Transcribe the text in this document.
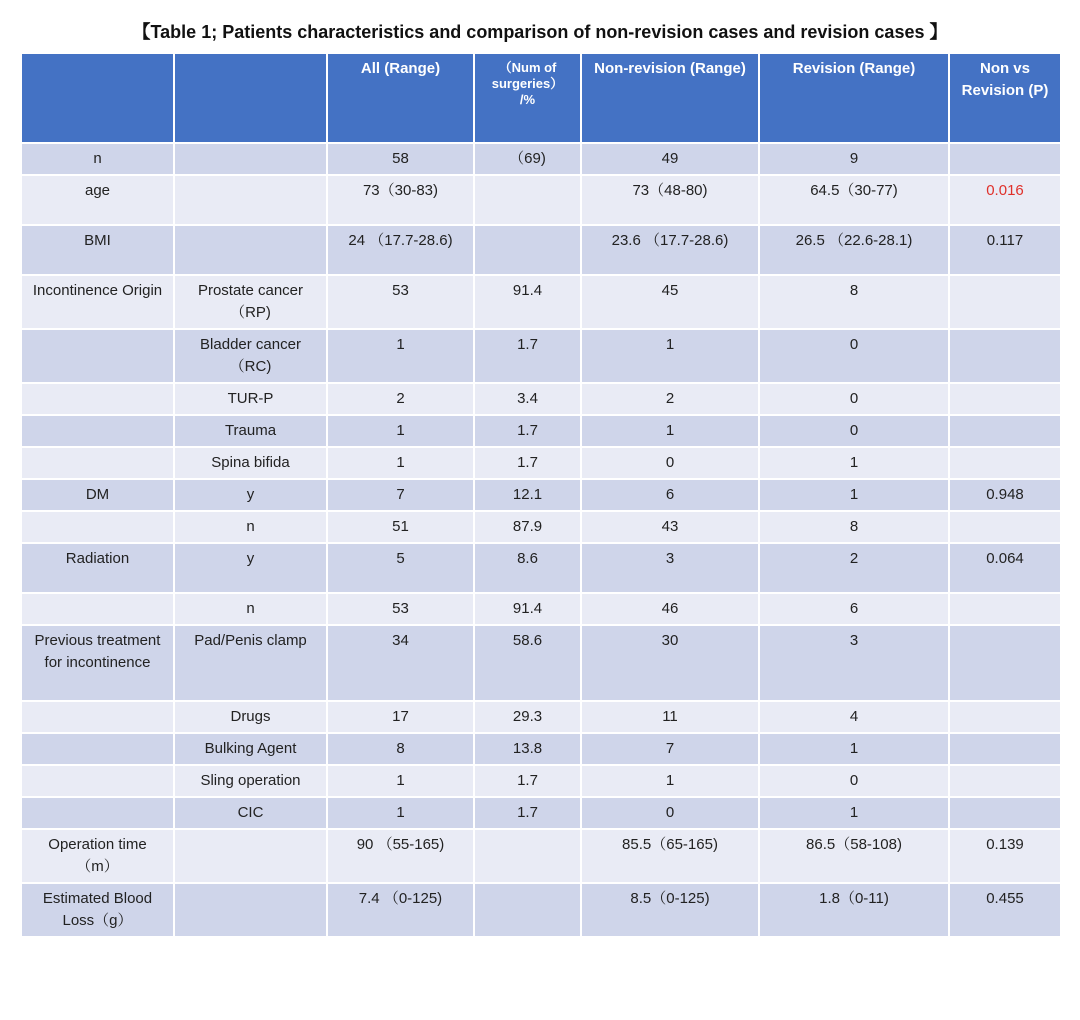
【Table 1; Patients characteristics and comparison of non-revision cases and revision cases 】
		All (Range)	（Num of surgeries） /%	Non-revision (Range)	Revision (Range)	Non vs Revision (P)
n		58	（69)	49	9	
age		73（30-83)		73（48-80)	64.5（30-77)	0.016
BMI		24 （17.7-28.6)		23.6 （17.7-28.6)	26.5 （22.6-28.1)	0.117
Incontinence Origin	Prostate cancer （RP)	53	91.4	45	8	
	Bladder cancer （RC)	1	1.7	1	0	
	TUR-P	2	3.4	2	0	
	Trauma	1	1.7	1	0	
	Spina bifida	1	1.7	0	1	
DM	y	7	12.1	6	1	0.948
	n	51	87.9	43	8	
Radiation	y	5	8.6	3	2	0.064
	n	53	91.4	46	6	
Previous treatment for incontinence	Pad/Penis clamp	34	58.6	30	3	
	Drugs	17	29.3	11	4	
	Bulking Agent	8	13.8	7	1	
	Sling operation	1	1.7	1	0	
	CIC	1	1.7	0	1	
Operation time （m）		90 （55-165)		85.5（65-165)	86.5（58-108)	0.139
Estimated Blood Loss（g）		7.4 （0-125)		8.5（0-125)	1.8（0-11)	0.455
